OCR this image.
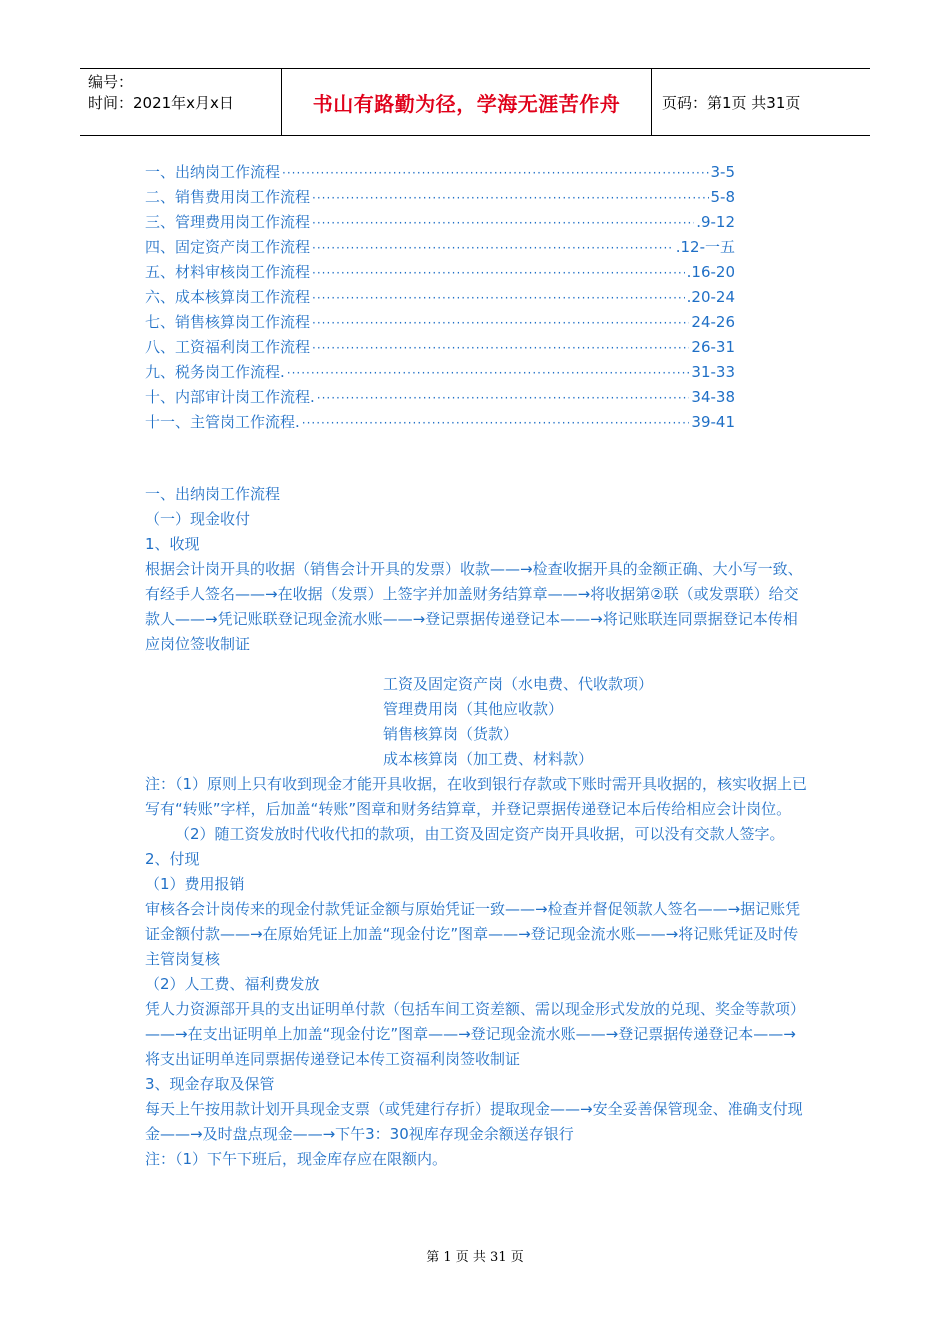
编号：
时间：2021年x月x日	书山有路勤为径，学海无涯苦作舟	页码：第1页 共31页
一、出纳岗工作流程 ·····	3-5
二、销售费用岗工作流程 ·····	5-8
三、管理费用岗工作流程 ·····	.9-12
四、固定资产岗工作流程 ·····	.12-一五
五、材料审核岗工作流程 ·····	.16-20
六、成本核算岗工作流程 ·····	.20-24
七、销售核算岗工作流程 ·····	24-26
八、工资福利岗工作流程 ·····	26-31
九、税务岗工作流程. ·····	31-33
十、内部审计岗工作流程. ·····	34-38
十一、主管岗工作流程. ·····	39-41

一、出纳岗工作流程

（一）现金收付

1、收现

根据会计岗开具的收据（销售会计开具的发票）收款——→检查收据开具的金额正确、大小写一致、有经手人签名——→在收据（发票）上签字并加盖财务结算章——→将收据第②联（或发票联）给交款人——→凭记账联登记现金流水账——→登记票据传递登记本——→将记账联连同票据登记本传相应岗位签收制证

工资及固定资产岗（水电费、代收款项）

管理费用岗（其他应收款）

销售核算岗（货款）

成本核算岗（加工费、材料款）

注：（1）原则上只有收到现金才能开具收据，在收到银行存款或下账时需开具收据的，核实收据上已写有“转账”字样，后加盖“转账”图章和财务结算章，并登记票据传递登记本后传给相应会计岗位。

（2）随工资发放时代收代扣的款项，由工资及固定资产岗开具收据，可以没有交款人签字。

2、付现

（1）费用报销

审核各会计岗传来的现金付款凭证金额与原始凭证一致——→检查并督促领款人签名——→据记账凭证金额付款——→在原始凭证上加盖“现金付讫”图章——→登记现金流水账——→将记账凭证及时传主管岗复核

（2）人工费、福利费发放

凭人力资源部开具的支出证明单付款（包括车间工资差额、需以现金形式发放的兑现、奖金等款项）——→在支出证明单上加盖“现金付讫”图章——→登记现金流水账——→登记票据传递登记本——→将支出证明单连同票据传递登记本传工资福利岗签收制证

3、现金存取及保管

每天上午按用款计划开具现金支票（或凭建行存折）提取现金——→安全妥善保管现金、准确支付现金——→及时盘点现金——→下午3：30视库存现金余额送存银行

注：（1）下午下班后，现金库存应在限额内。

第 1 页 共 31 页
